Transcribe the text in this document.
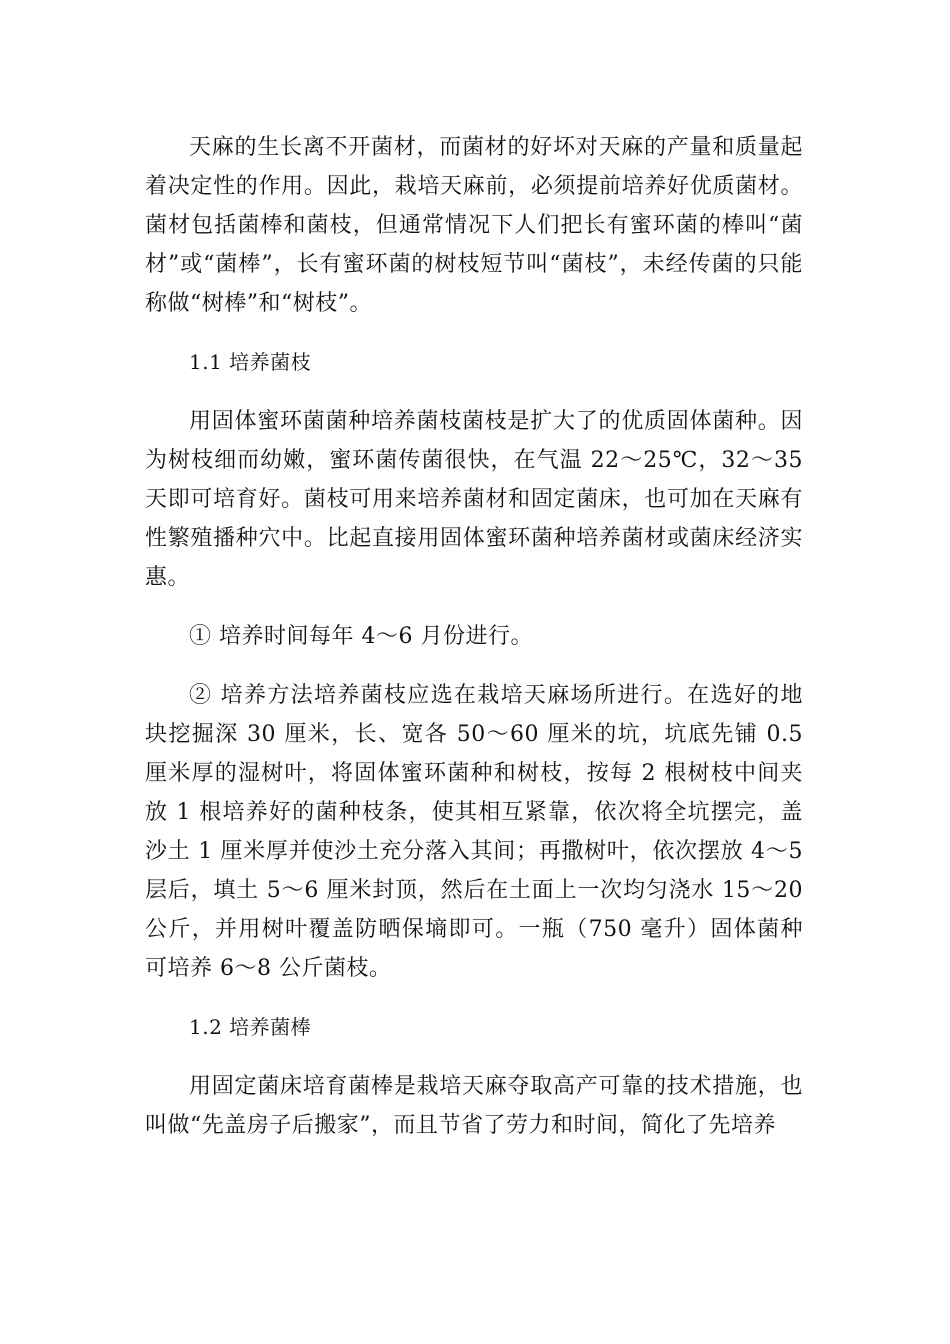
天麻的生长离不开菌材，而菌材的好坏对天麻的产量和质量起着决定性的作用。因此，栽培天麻前，必须提前培养好优质菌材。菌材包括菌棒和菌枝，但通常情况下人们把长有蜜环菌的棒叫“菌材”或“菌棒”，长有蜜环菌的树枝短节叫“菌枝”，未经传菌的只能称做“树棒”和“树枝”。

1.1 培养菌枝

用固体蜜环菌菌种培养菌枝菌枝是扩大了的优质固体菌种。因为树枝细而幼嫩，蜜环菌传菌很快，在气温 22～25℃，32～35 天即可培育好。菌枝可用来培养菌材和固定菌床，也可加在天麻有性繁殖播种穴中。比起直接用固体蜜环菌种培养菌材或菌床经济实惠。

① 培养时间每年 4～6 月份进行。

② 培养方法培养菌枝应选在栽培天麻场所进行。在选好的地块挖掘深 30 厘米，长、宽各 50～60 厘米的坑，坑底先铺 0.5 厘米厚的湿树叶，将固体蜜环菌种和树枝，按每 2 根树枝中间夹放 1 根培养好的菌种枝条，使其相互紧靠，依次将全坑摆完，盖沙土 1 厘米厚并使沙土充分落入其间；再撒树叶，依次摆放 4～5 层后，填土 5～6 厘米封顶，然后在土面上一次均匀浇水 15～20 公斤，并用树叶覆盖防晒保墒即可。一瓶（750 毫升）固体菌种可培养 6～8 公斤菌枝。

1.2 培养菌棒

用固定菌床培育菌棒是栽培天麻夺取高产可靠的技术措施，也叫做“先盖房子后搬家”，而且节省了劳力和时间，简化了先培养
